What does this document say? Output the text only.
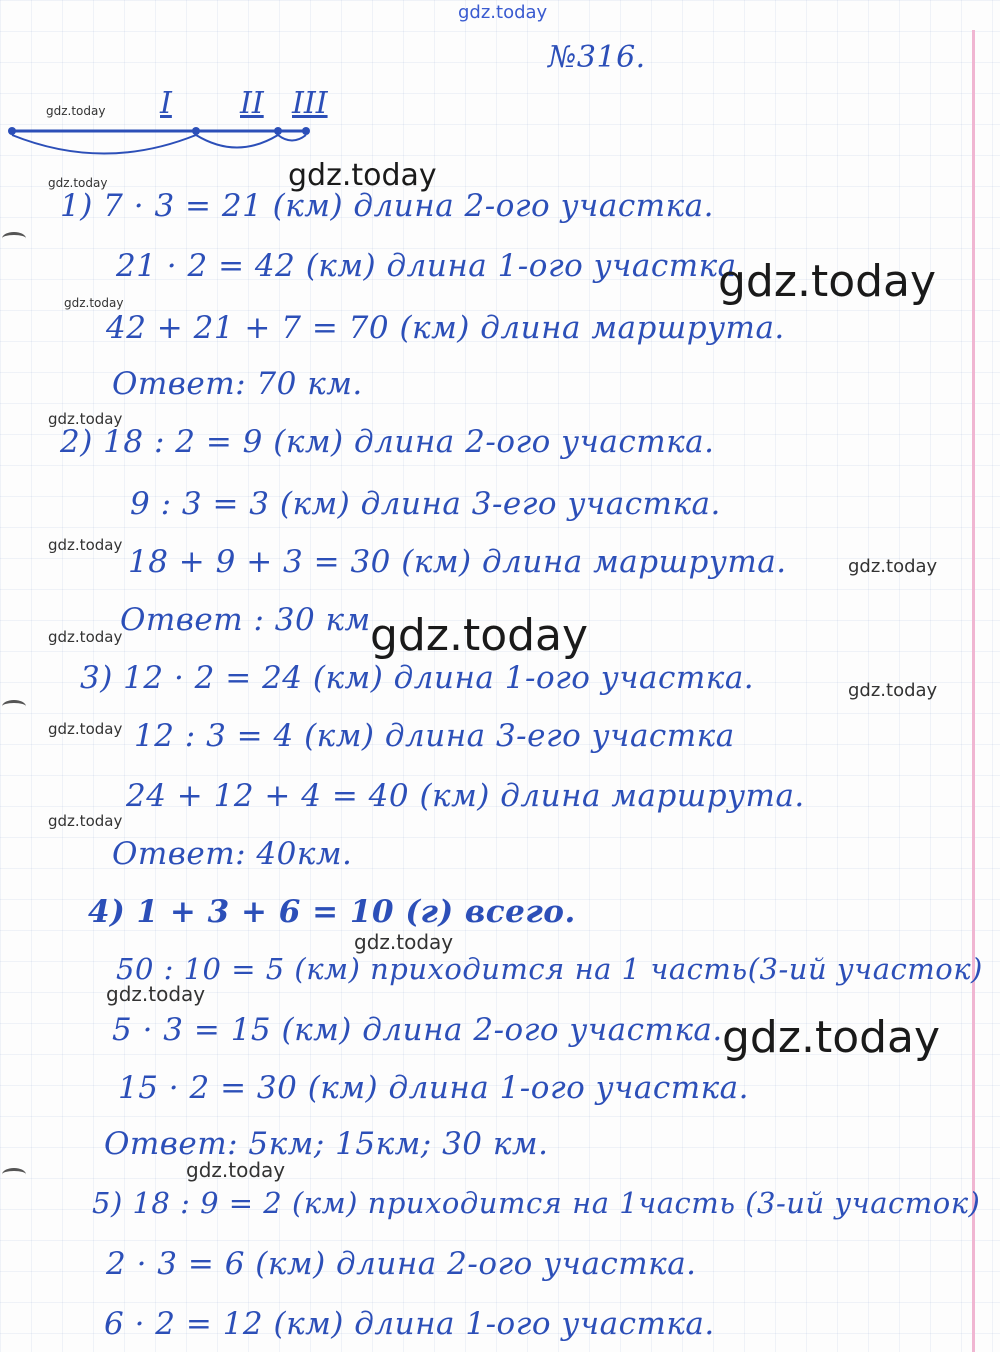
gdz.today
№316.
I II III
1) 7 · 3 = 21 (км) длина 2-ого участка.
21 · 2 = 42 (км) длина 1-ого участка
42 + 21 + 7 = 70 (км) длина маршрута.
Ответ: 70 км.
2) 18 : 2 = 9 (км) длина 2-ого участка.
9 : 3 = 3 (км) длина 3-его участка.
18 + 9 + 3 = 30 (км) длина маршрута.
Ответ : 30 км
3) 12 · 2 = 24 (км) длина 1-ого участка.
12 : 3 = 4 (км) длина 3-его участка
24 + 12 + 4 = 40 (км) длина маршрута.
Ответ: 40км.
4) 1 + 3 + 6 = 10 (г) всего.
50 : 10 = 5 (км) приходится на 1 часть(3-ий участок)
5 · 3 = 15 (км) длина 2-ого участка.
15 · 2 = 30 (км) длина 1-ого участка.
Ответ: 5км; 15км; 30 км.
5) 18 : 9 = 2 (км) приходится на 1часть (3-ий участок)
2 · 3 = 6 (км) длина 2-ого участка.
6 · 2 = 12 (км) длина 1-ого участка.
gdz.today
gdz.today
gdz.today
gdz.today
gdz.today
gdz.today
gdz.today
gdz.today
gdz.today
gdz.today
gdz.today
gdz.today
gdz.today
gdz.today
gdz.today
gdz.today
gdz.today
